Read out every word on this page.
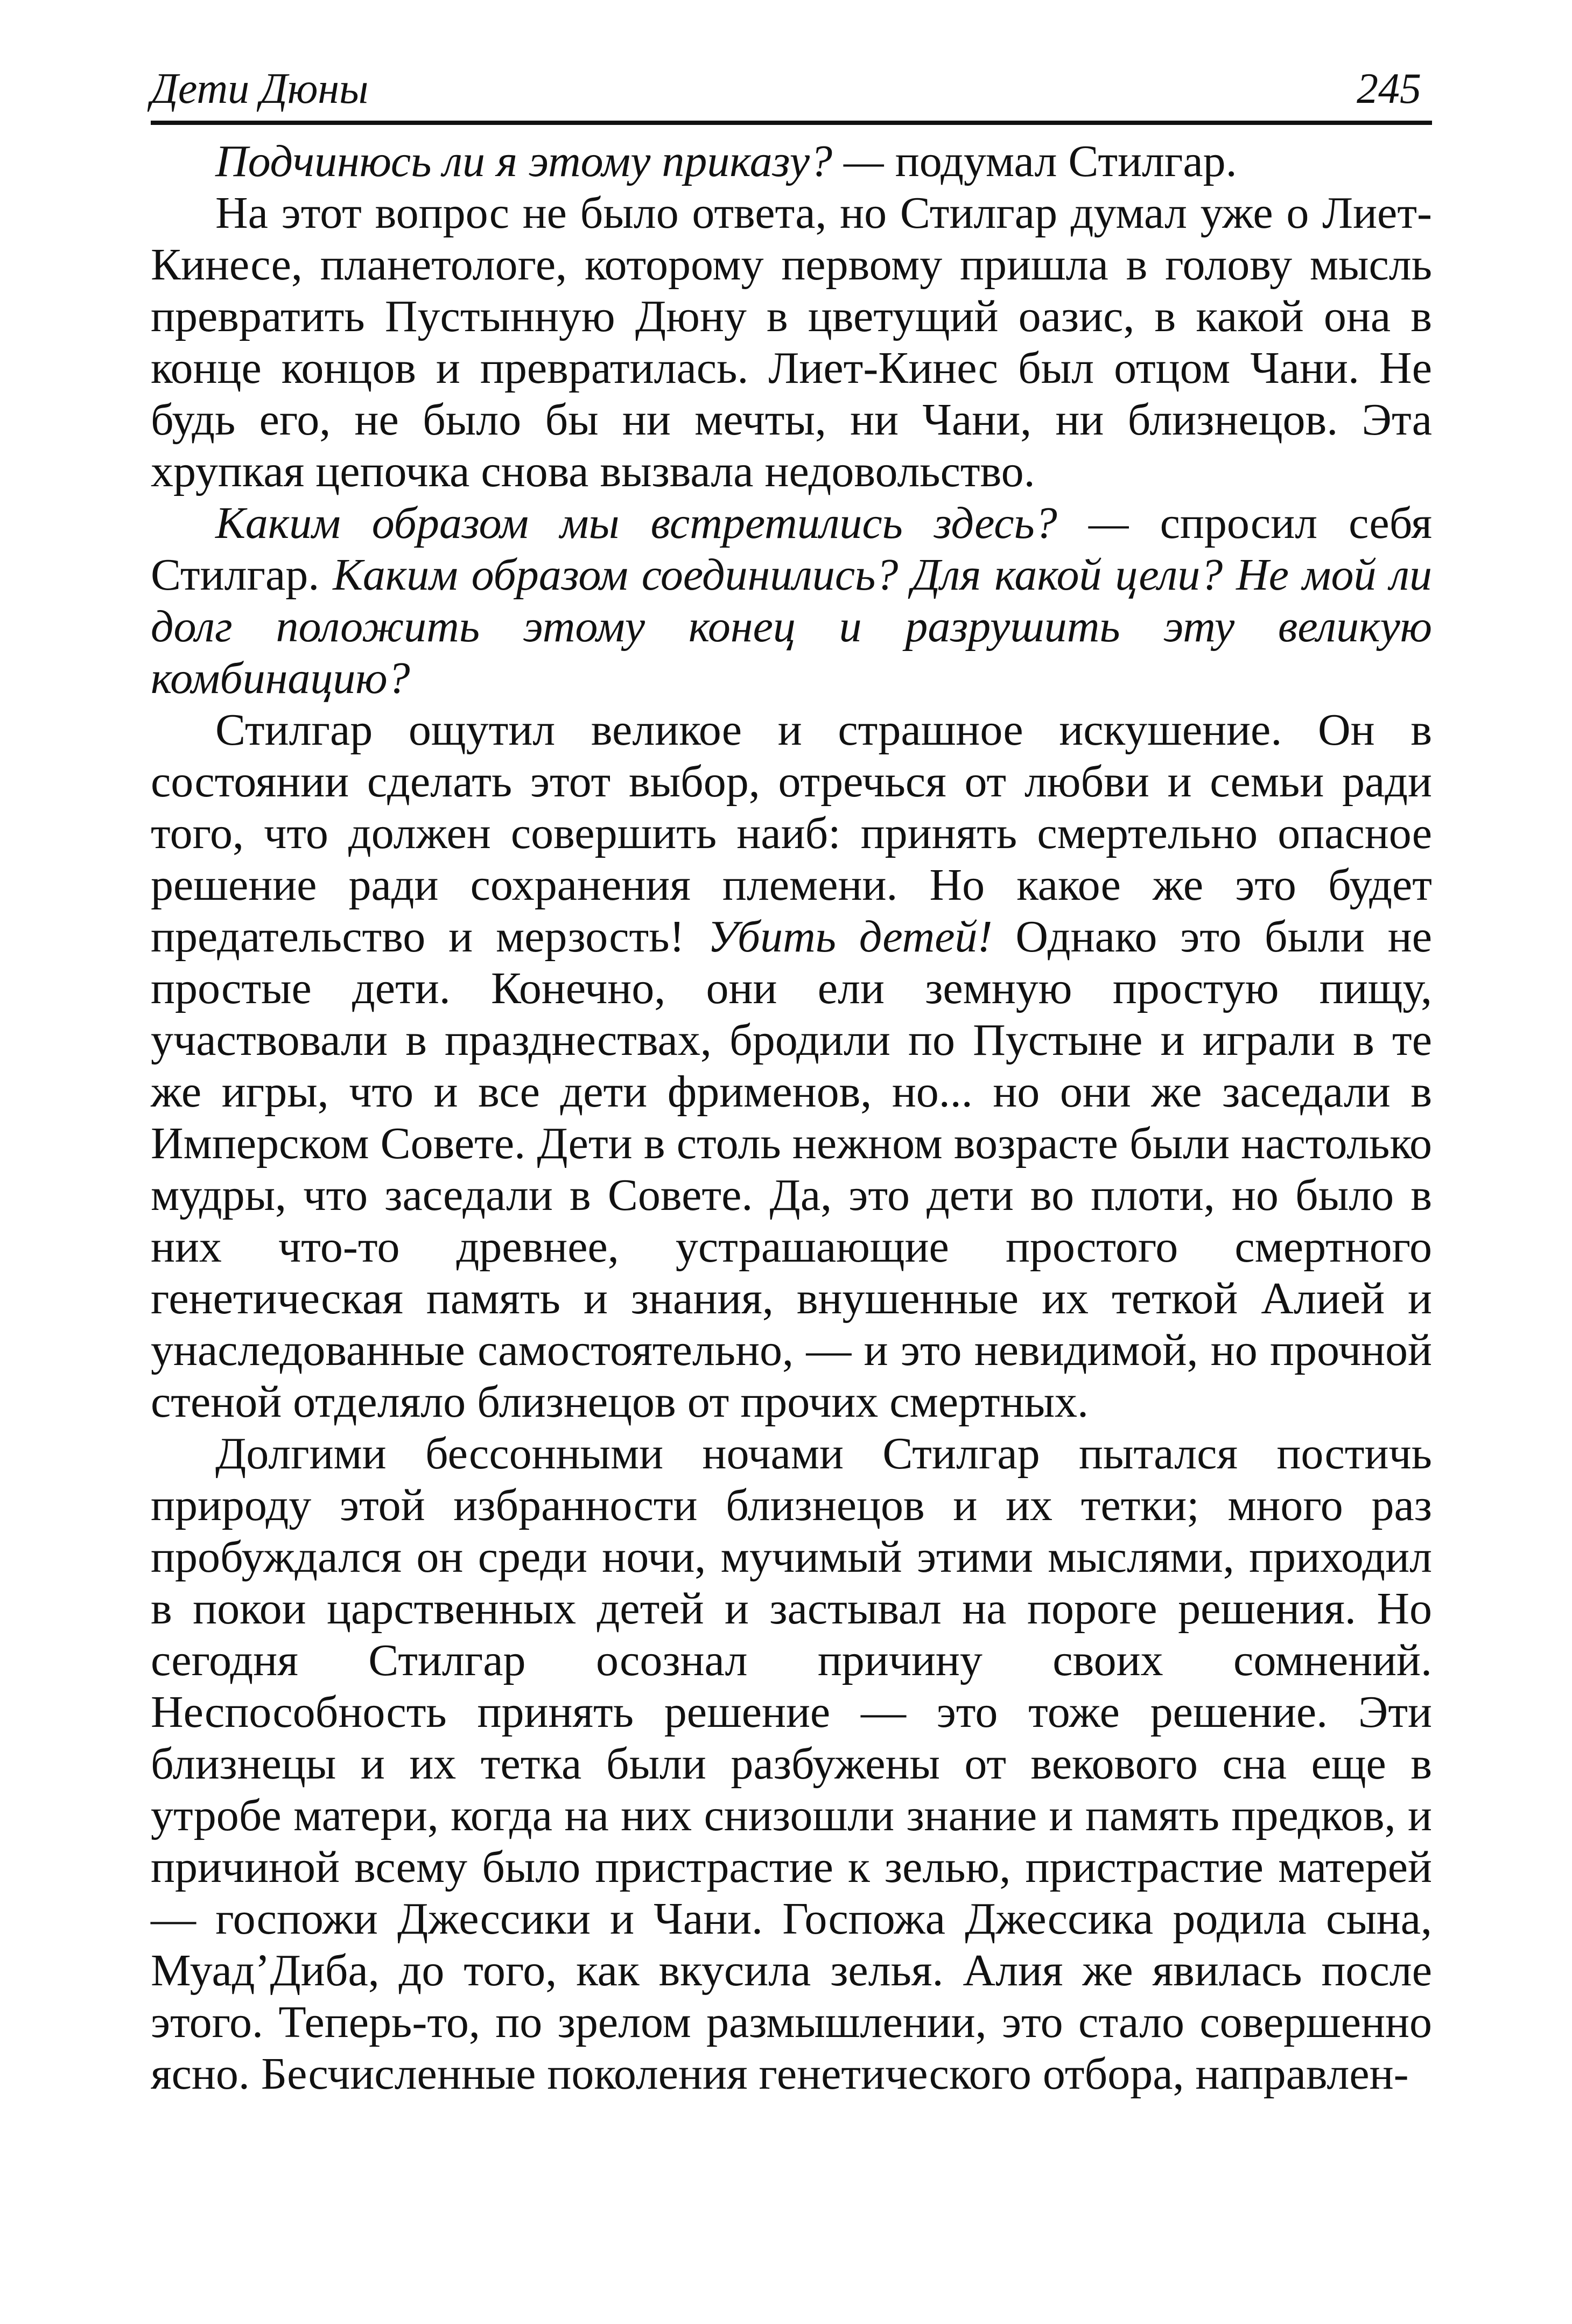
Дети Дюны	245

Подчинюсь ли я этому приказу? — подумал Стилгар.

На этот вопрос не было ответа, но Стилгар думал уже о Лиет-Кинесе, планетологе, которому первому пришла в голову мысль превратить Пустынную Дюну в цветущий оазис, в какой она в конце концов и превратилась. Лиет-Кинес был отцом Чани. Не будь его, не было бы ни мечты, ни Чани, ни близнецов. Эта хрупкая цепочка снова вызвала недовольство.

Каким образом мы встретились здесь? — спросил себя Стилгар. Каким образом соединились? Для какой цели? Не мой ли долг положить этому конец и разрушить эту великую комбинацию?

Стилгар ощутил великое и страшное искушение. Он в состоянии сделать этот выбор, отречься от любви и семьи ради того, что должен совершить наиб: принять смертельно опасное решение ради сохранения племени. Но какое же это будет предательство и мерзость! Убить детей! Однако это были не простые дети. Конечно, они ели земную простую пищу, участвовали в празднествах, бродили по Пустыне и играли в те же игры, что и все дети фрименов, но... но они же заседали в Имперском Совете. Дети в столь нежном возрасте были настолько мудры, что заседали в Совете. Да, это дети во плоти, но было в них что-то древнее, устрашающие простого смертного генетическая память и знания, внушенные их теткой Алией и унаследованные самостоятельно, — и это невидимой, но прочной стеной отделяло близнецов от прочих смертных.

Долгими бессонными ночами Стилгар пытался постичь природу этой избранности близнецов и их тетки; много раз пробуждался он среди ночи, мучимый этими мыслями, приходил в покои царственных детей и застывал на пороге решения. Но сегодня Стилгар осознал причину своих сомнений. Неспособность принять решение — это тоже решение. Эти близнецы и их тетка были разбужены от векового сна еще в утробе матери, когда на них снизошли знание и память предков, и причиной всему было пристрастие к зелью, пристрастие матерей — госпожи Джессики и Чани. Госпожа Джессика родила сына, Муад’Диба, до того, как вкусила зелья. Алия же явилась после этого. Теперь-то, по зрелом размышлении, это стало совершенно ясно. Бесчисленные поколения генетического отбора, направлен-
